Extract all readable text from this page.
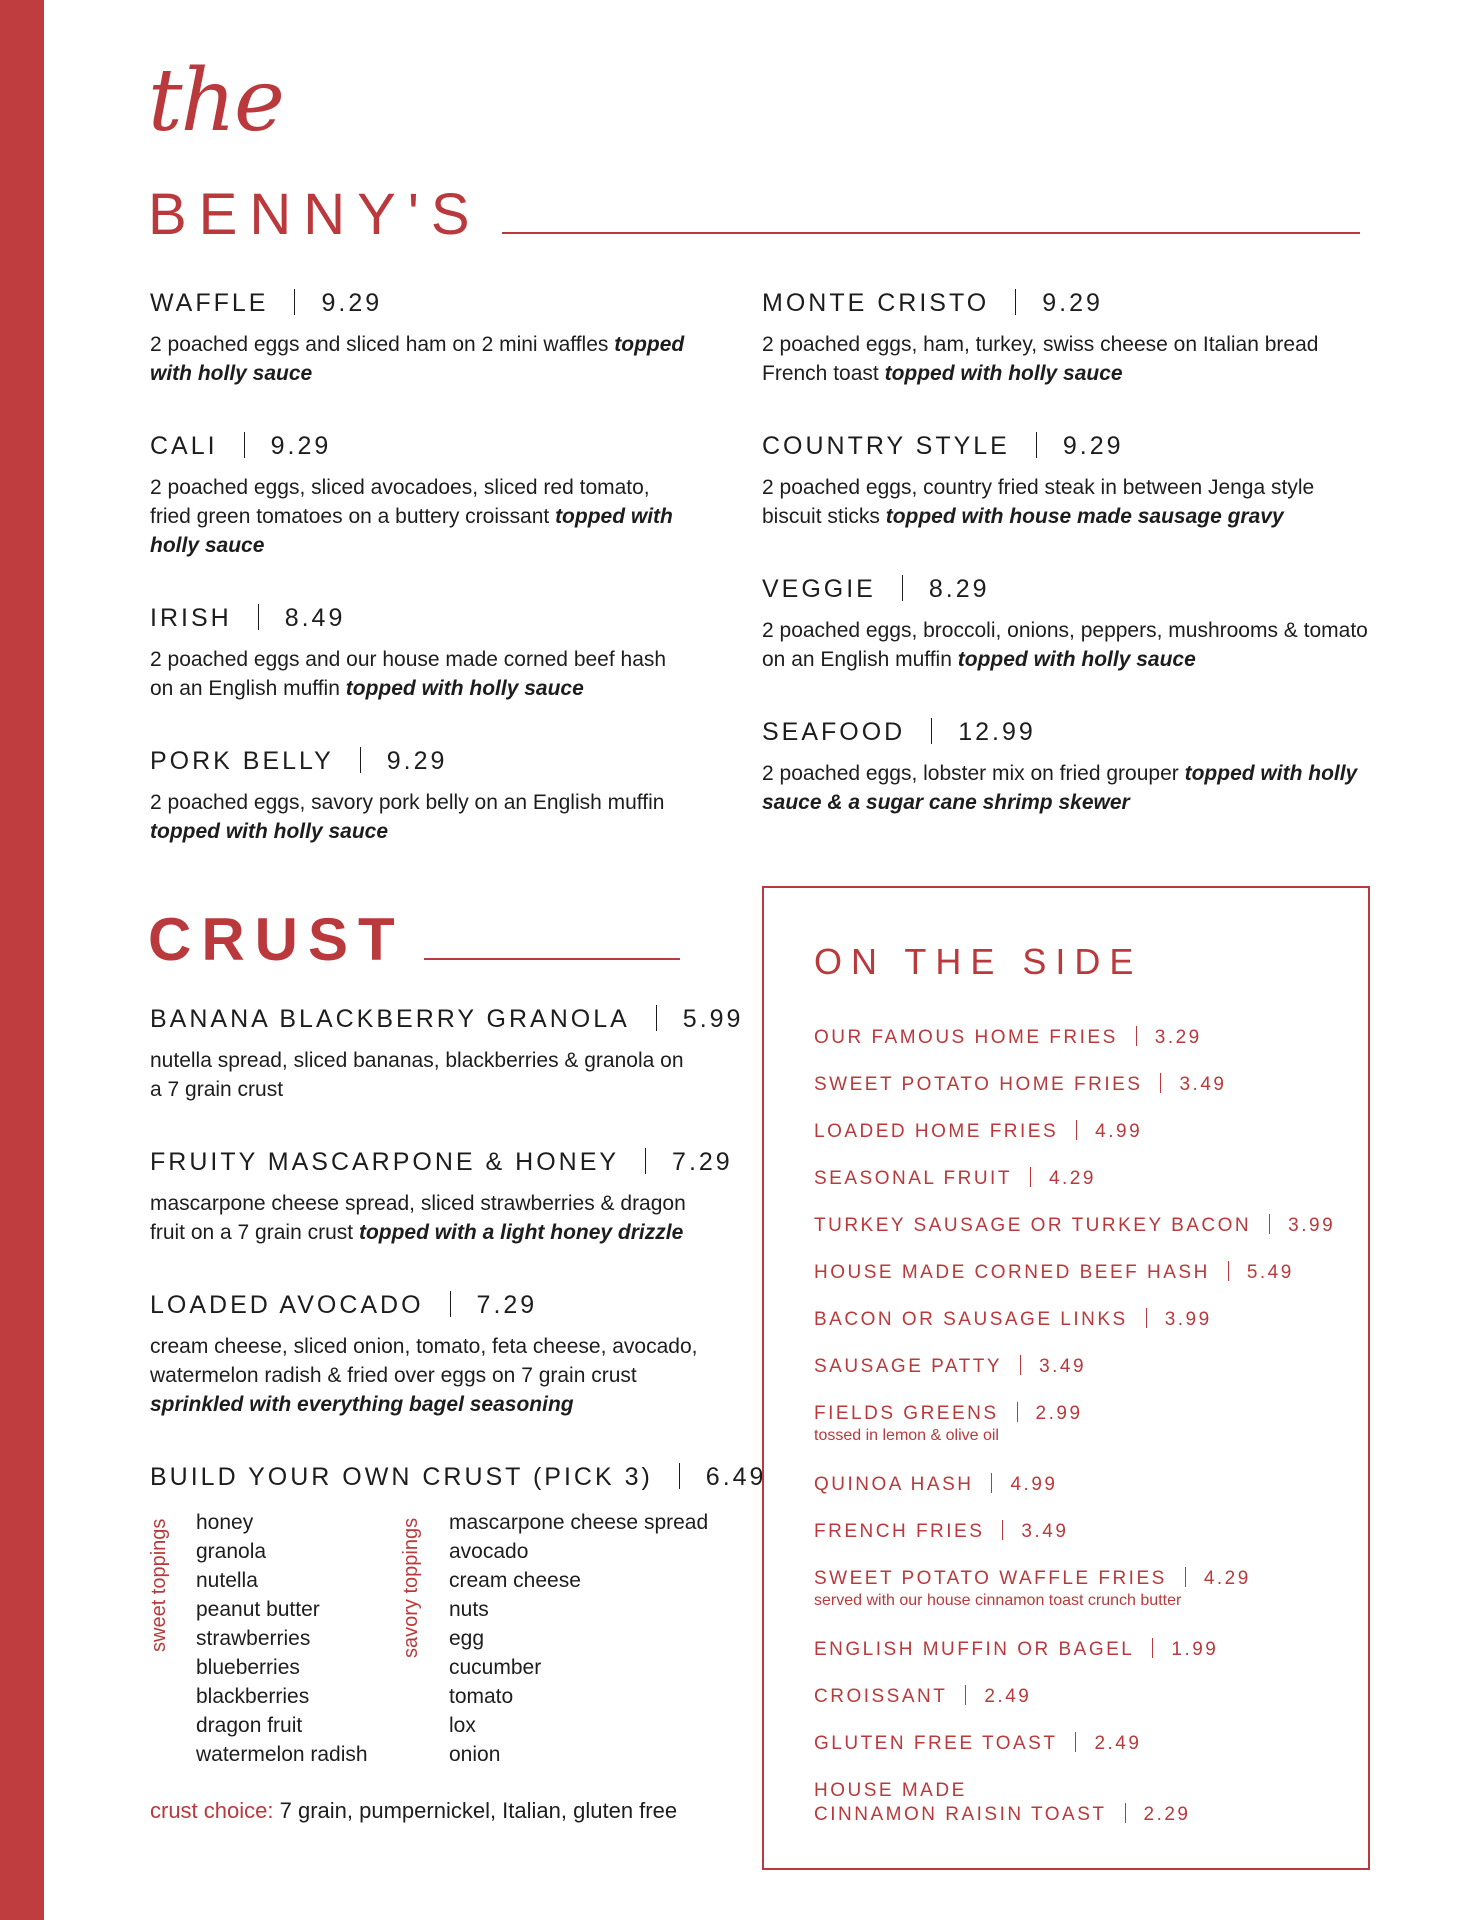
the
BENNY'S
WAFFLE 9.29
2 poached eggs and sliced ham on 2 mini waffles topped with holly sauce
CALI 9.29
2 poached eggs, sliced avocadoes, sliced red tomato, fried green tomatoes on a buttery croissant topped with holly sauce
IRISH 8.49
2 poached eggs and our house made corned beef hash on an English muffin topped with holly sauce
PORK BELLY 9.29
2 poached eggs, savory pork belly on an English muffin topped with holly sauce
MONTE CRISTO 9.29
2 poached eggs, ham, turkey, swiss cheese on Italian bread French toast topped with holly sauce
COUNTRY STYLE 9.29
2 poached eggs, country fried steak in between Jenga style biscuit sticks topped with house made sausage gravy
VEGGIE 8.29
2 poached eggs, broccoli, onions, peppers, mushrooms & tomato on an English muffin topped with holly sauce
SEAFOOD 12.99
2 poached eggs, lobster mix on fried grouper topped with holly sauce & a sugar cane shrimp skewer
CRUST
BANANA BLACKBERRY GRANOLA 5.99
nutella spread, sliced bananas, blackberries & granola on a 7 grain crust
FRUITY MASCARPONE & HONEY 7.29
mascarpone cheese spread, sliced strawberries & dragon fruit on a 7 grain crust topped with a light honey drizzle
LOADED AVOCADO 7.29
cream cheese, sliced onion, tomato, feta cheese, avocado, watermelon radish & fried over eggs on 7 grain crust sprinkled with everything bagel seasoning
BUILD YOUR OWN CRUST (PICK 3) 6.49
sweet toppings honey
granola
nutella
peanut butter
strawberries
blueberries
blackberries
dragon fruit
watermelon radish
savory toppings mascarpone cheese spread
avocado
cream cheese
nuts
egg
cucumber
tomato
lox
onion
crust choice: 7 grain, pumpernickel, Italian, gluten free
ON THE SIDE
OUR FAMOUS HOME FRIES 3.29
SWEET POTATO HOME FRIES 3.49
LOADED HOME FRIES 4.99
SEASONAL FRUIT 4.29
TURKEY SAUSAGE OR TURKEY BACON 3.99
HOUSE MADE CORNED BEEF HASH 5.49
BACON OR SAUSAGE LINKS 3.99
SAUSAGE PATTY 3.49
FIELDS GREENS 2.99
tossed in lemon & olive oil
QUINOA HASH 4.99
FRENCH FRIES 3.49
SWEET POTATO WAFFLE FRIES 4.29
served with our house cinnamon toast crunch butter
ENGLISH MUFFIN OR BAGEL 1.99
CROISSANT 2.49
GLUTEN FREE TOAST 2.49
HOUSE MADE
CINNAMON RAISIN TOAST 2.29
